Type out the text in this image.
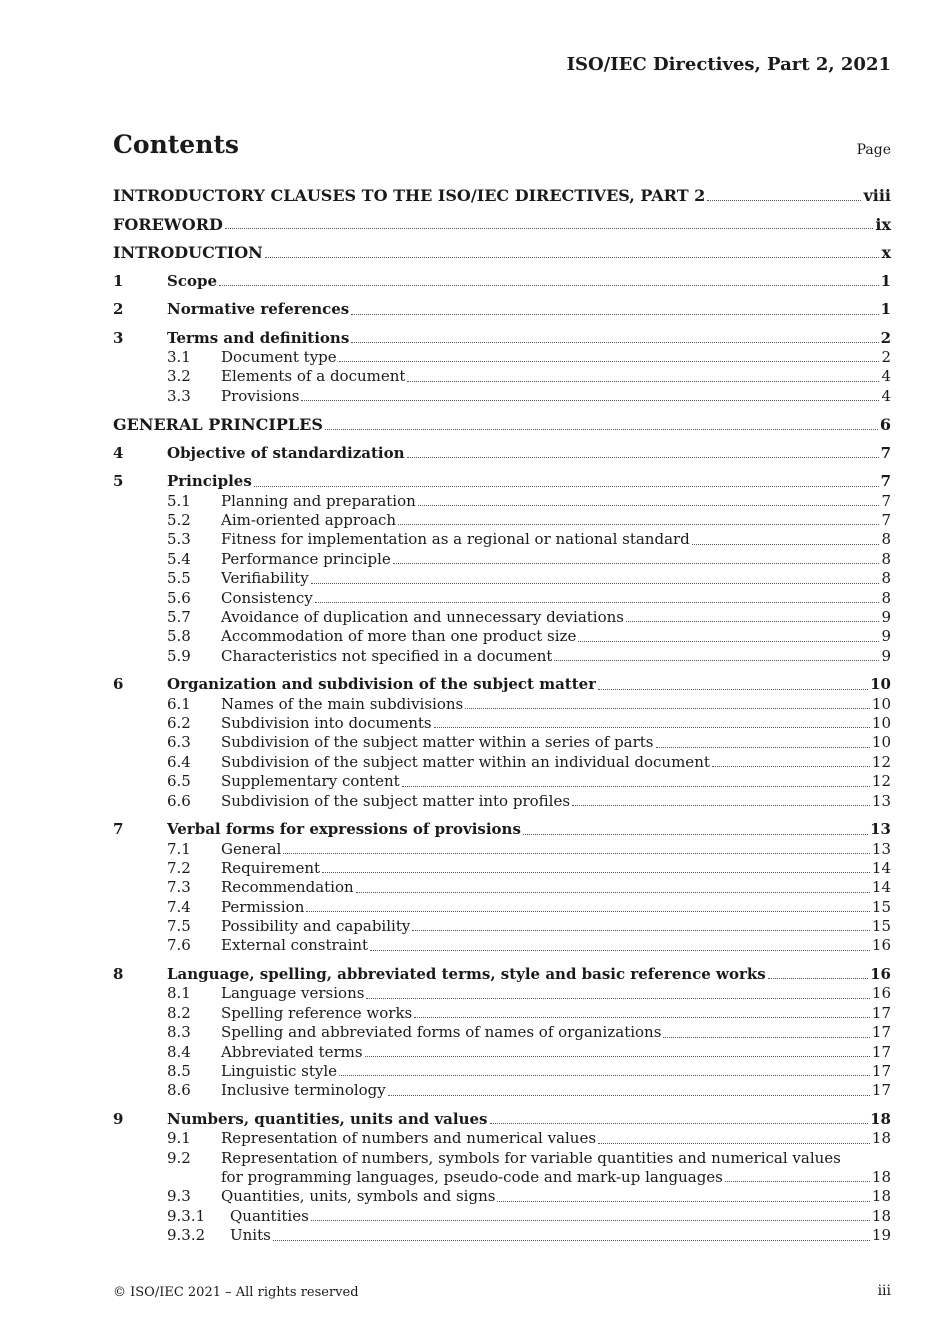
ISO/IEC Directives, Part 2, 2021
Contents	Page
INTRODUCTORY CLAUSES TO THE ISO/IEC DIRECTIVES, PART 2	viii
FOREWORD	ix
INTRODUCTION	x
1	Scope	1
2	Normative references	1
3	Terms and definitions	2
3.1	Document type	2
3.2	Elements of a document	4
3.3	Provisions	4
GENERAL PRINCIPLES	6
4	Objective of standardization	7
5	Principles	7
5.1	Planning and preparation	7
5.2	Aim-oriented approach	7
5.3	Fitness for implementation as a regional or national standard	8
5.4	Performance principle	8
5.5	Verifiability	8
5.6	Consistency	8
5.7	Avoidance of duplication and unnecessary deviations	9
5.8	Accommodation of more than one product size	9
5.9	Characteristics not specified in a document	9
6	Organization and subdivision of the subject matter	10
6.1	Names of the main subdivisions	10
6.2	Subdivision into documents	10
6.3	Subdivision of the subject matter within a series of parts	10
6.4	Subdivision of the subject matter within an individual document	12
6.5	Supplementary content	12
6.6	Subdivision of the subject matter into profiles	13
7	Verbal forms for expressions of provisions	13
7.1	General	13
7.2	Requirement	14
7.3	Recommendation	14
7.4	Permission	15
7.5	Possibility and capability	15
7.6	External constraint	16
8	Language, spelling, abbreviated terms, style and basic reference works	16
8.1	Language versions	16
8.2	Spelling reference works	17
8.3	Spelling and abbreviated forms of names of organizations	17
8.4	Abbreviated terms	17
8.5	Linguistic style	17
8.6	Inclusive terminology	17
9	Numbers, quantities, units and values	18
9.1	Representation of numbers and numerical values	18
9.2	Representation of numbers, symbols for variable quantities and numerical values
for programming languages, pseudo-code and mark-up languages	18
9.3	Quantities, units, symbols and signs	18
9.3.1	Quantities	18
9.3.2	Units	19
© ISO/IEC 2021 – All rights reserved	iii
